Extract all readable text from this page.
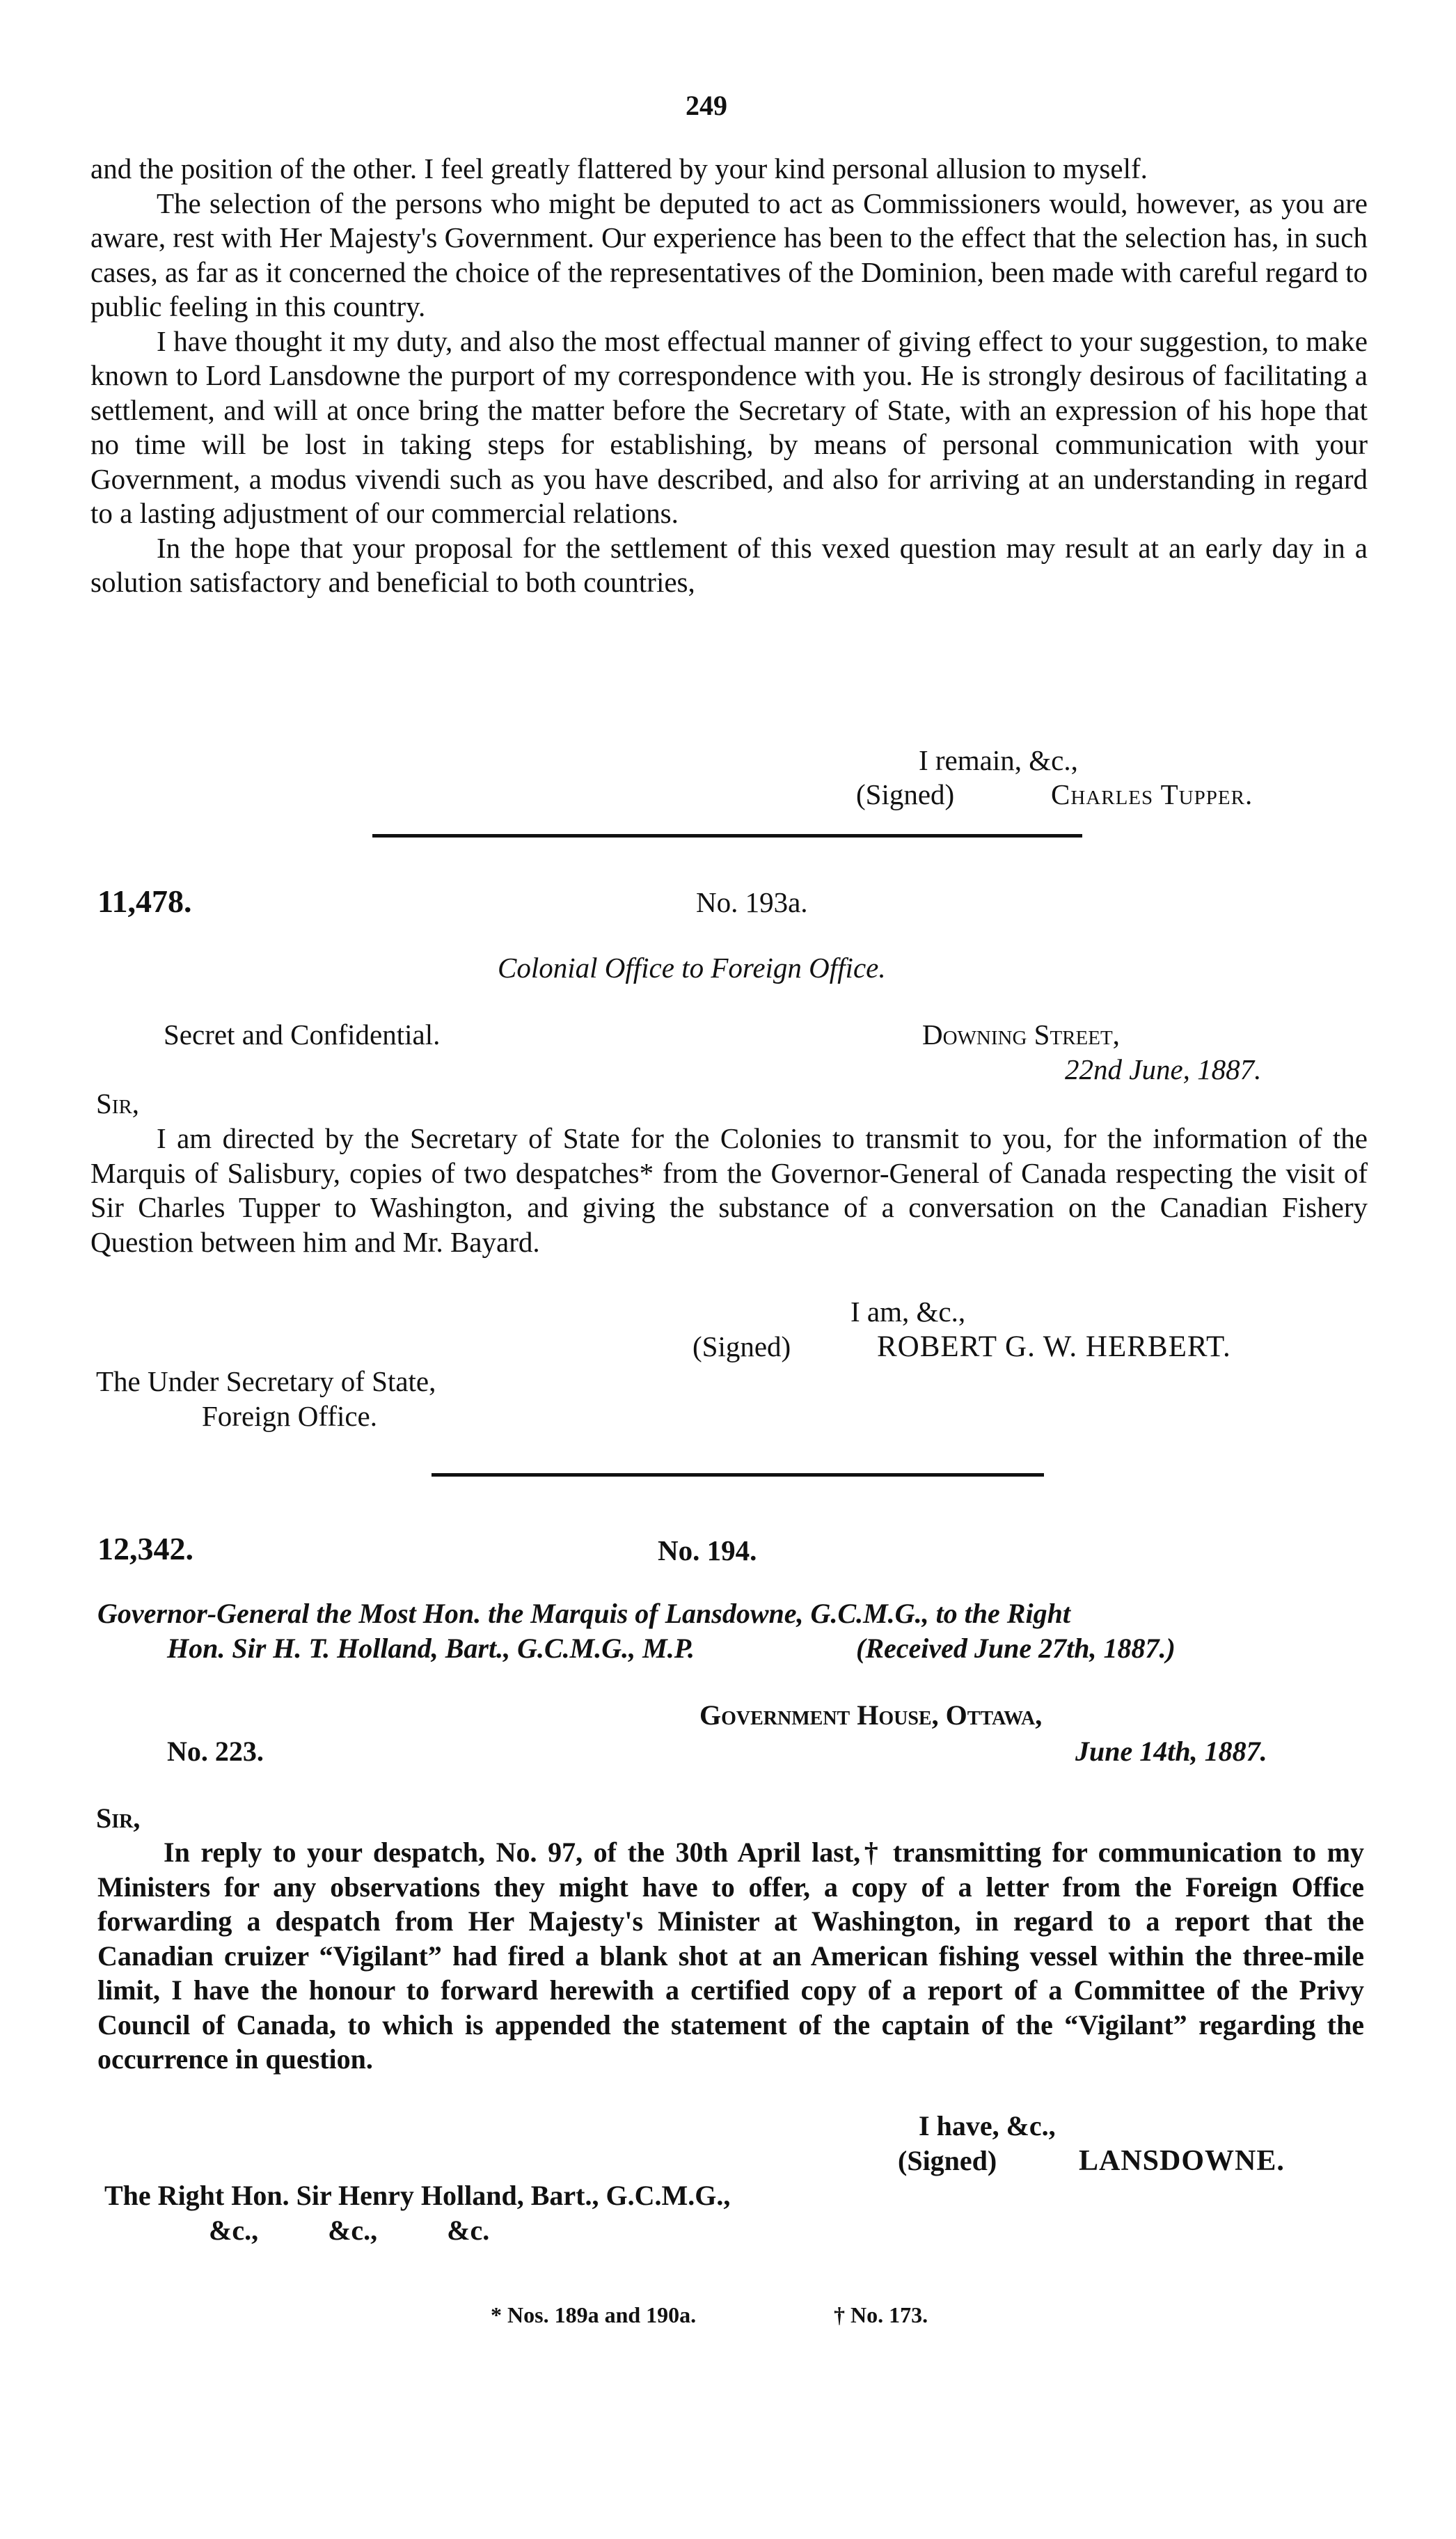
249

and the position of the other. I feel greatly flattered by your kind personal allusion to myself.

The selection of the persons who might be deputed to act as Commissioners would, however, as you are aware, rest with Her Majesty's Government. Our experience has been to the effect that the selection has, in such cases, as far as it concerned the choice of the representatives of the Dominion, been made with careful regard to public feeling in this country.

I have thought it my duty, and also the most effectual manner of giving effect to your suggestion, to make known to Lord Lansdowne the purport of my correspondence with you. He is strongly desirous of facilitating a settlement, and will at once bring the matter before the Secretary of State, with an expression of his hope that no time will be lost in taking steps for establishing, by means of personal communication with your Government, a modus vivendi such as you have described, and also for arriving at an understanding in regard to a lasting adjustment of our commercial relations.

In the hope that your proposal for the settlement of this vexed question may result at an early day in a solution satisfactory and beneficial to both countries,

I remain, &c.,
(Signed)	Charles Tupper.
11,478.	No. 193a.
Colonial Office to Foreign Office.
Secret and Confidential.	Downing Street,
22nd June, 1887.
Sir,

I am directed by the Secretary of State for the Colonies to transmit to you, for the information of the Marquis of Salisbury, copies of two despatches* from the Governor-General of Canada respecting the visit of Sir Charles Tupper to Washington, and giving the substance of a conversation on the Canadian Fishery Question between him and Mr. Bayard.

I am, &c.,
(Signed)	ROBERT G. W. HERBERT.
The Under Secretary of State,
Foreign Office.
12,342.	No. 194.
Governor-General the Most Hon. the Marquis of Lansdowne, G.C.M.G., to the Right
Hon. Sir H. T. Holland, Bart., G.C.M.G., M.P.	(Received June 27th, 1887.)
Government House, Ottawa,
No. 223.	June 14th, 1887.
Sir,

In reply to your despatch, No. 97, of the 30th April last,† transmitting for communication to my Ministers for any observations they might have to offer, a copy of a letter from the Foreign Office forwarding a despatch from Her Majesty's Minister at Washington, in regard to a report that the Canadian cruizer “Vigilant” had fired a blank shot at an American fishing vessel within the three-mile limit, I have the honour to forward herewith a certified copy of a report of a Committee of the Privy Council of Canada, to which is appended the statement of the captain of the “Vigilant” regarding the occurrence in question.

I have, &c.,
(Signed)	LANSDOWNE.
The Right Hon. Sir Henry Holland, Bart., G.C.M.G.,
&c.,          &c.,          &c.
* Nos. 189a and 190a.	† No. 173.
